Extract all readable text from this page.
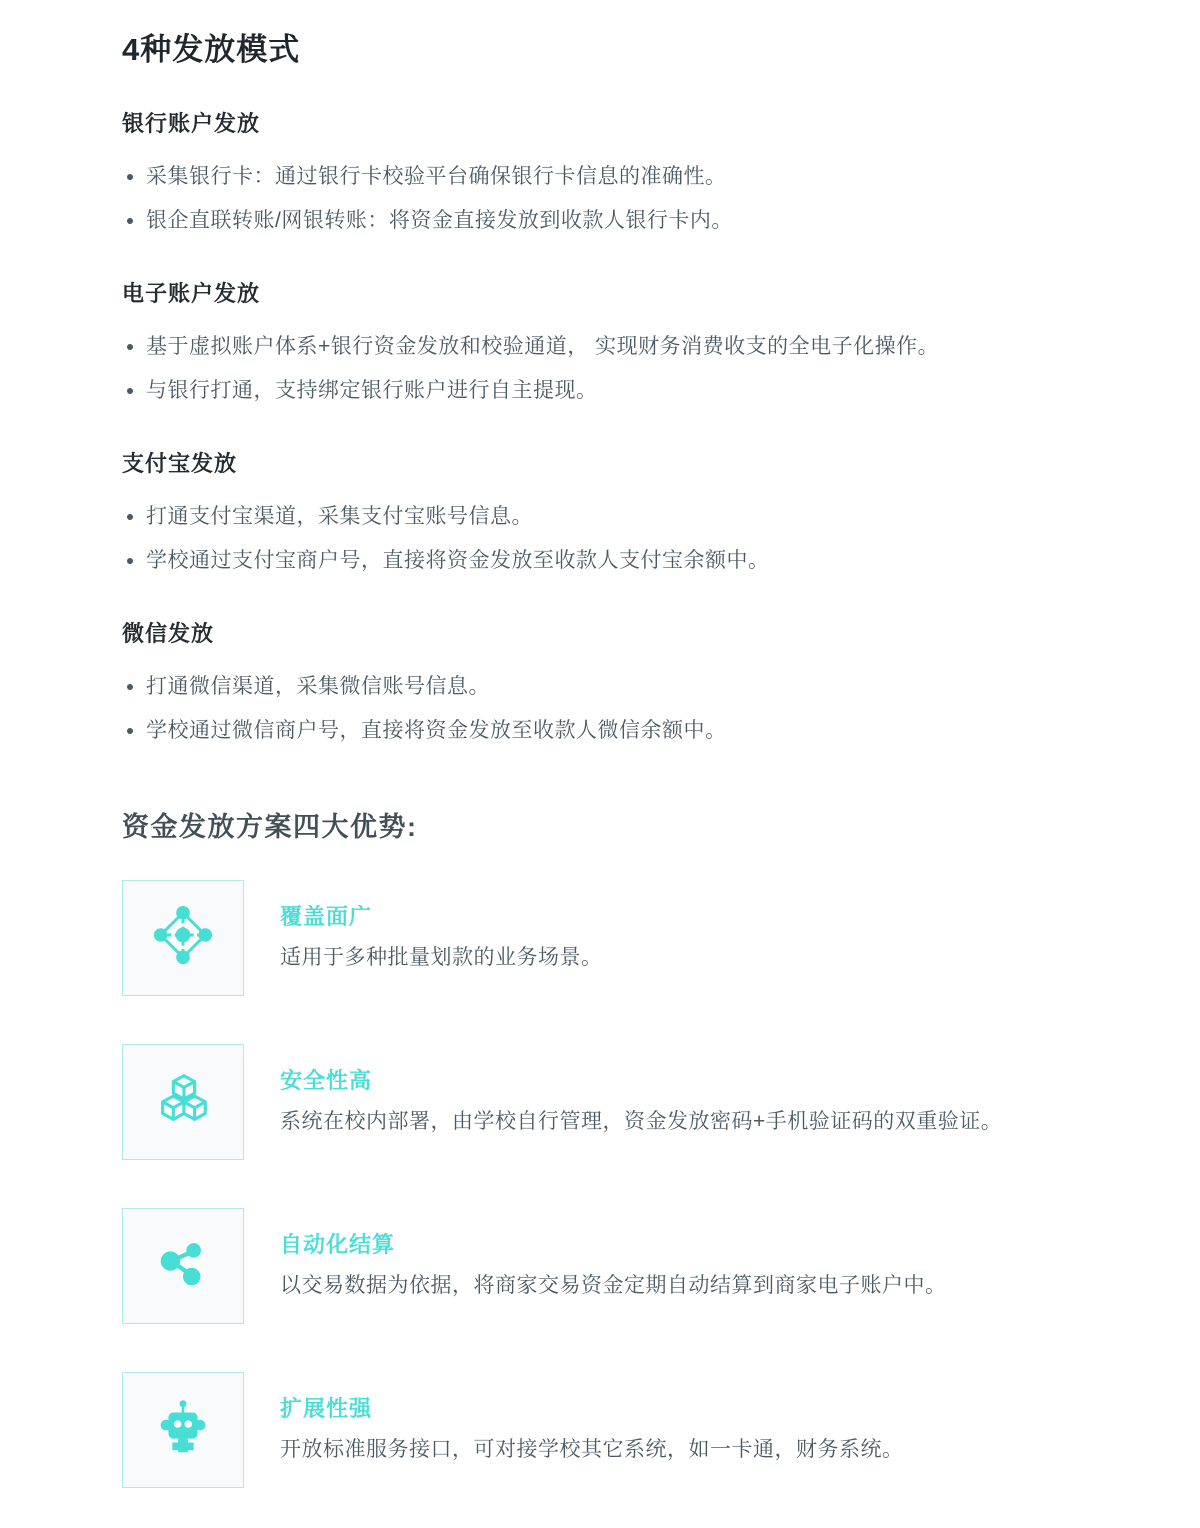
4种发放模式
银行账户发放
采集银行卡：通过银行卡校验平台确保银行卡信息的准确性。
银企直联转账/网银转账：将资金直接发放到收款人银行卡内。
电子账户发放
基于虚拟账户体系+银行资金发放和校验通道， 实现财务消费收支的全电子化操作。
与银行打通，支持绑定银行账户进行自主提现。
支付宝发放
打通支付宝渠道，采集支付宝账号信息。
学校通过支付宝商户号，直接将资金发放至收款人支付宝余额中。
微信发放
打通微信渠道，采集微信账号信息。
学校通过微信商户号，直接将资金发放至收款人微信余额中。
资金发放方案四大优势:
覆盖面广
适用于多种批量划款的业务场景。
安全性高
系统在校内部署，由学校自行管理，资金发放密码+手机验证码的双重验证。
自动化结算
以交易数据为依据，将商家交易资金定期自动结算到商家电子账户中。
扩展性强
开放标准服务接口，可对接学校其它系统，如一卡通，财务系统。
